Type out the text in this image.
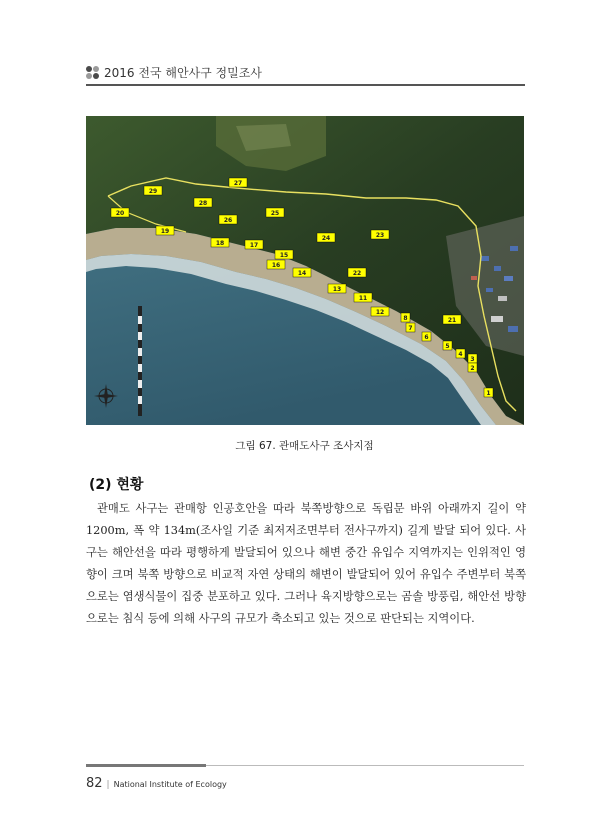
2016 전국 해안사구 정밀조사
27
29
28
20
26
25
19
18	17
23
24
15
16
14	22
13
11
12
8	21
7
6
5
4
3
2
1
그림 67. 관매도사구 조사지점
(2) 현황

관매도 사구는 관매항 인공호안을 따라 북쪽방향으로 독립문 바위 아래까지 길이 약 1200m, 폭 약 134m(조사일 기준 최저저조면부터 전사구까지) 길게 발달 되어 있다. 사구는 해안선을 따라 평행하게 발달되어 있으나 해변 중간 유입수 지역까지는 인위적인 영향이 크며 북쪽 방향으로 비교적 자연 상태의 해변이 발달되어 있어 유입수 주변부터 북쪽으로는 염생식물이 집중 분포하고 있다. 그러나 육지방향으로는 곰솔 방풍림, 해안선 방향으로는 침식 등에 의해 사구의 규모가 축소되고 있는 것으로 판단되는 지역이다.

82 | National Institute of Ecology
